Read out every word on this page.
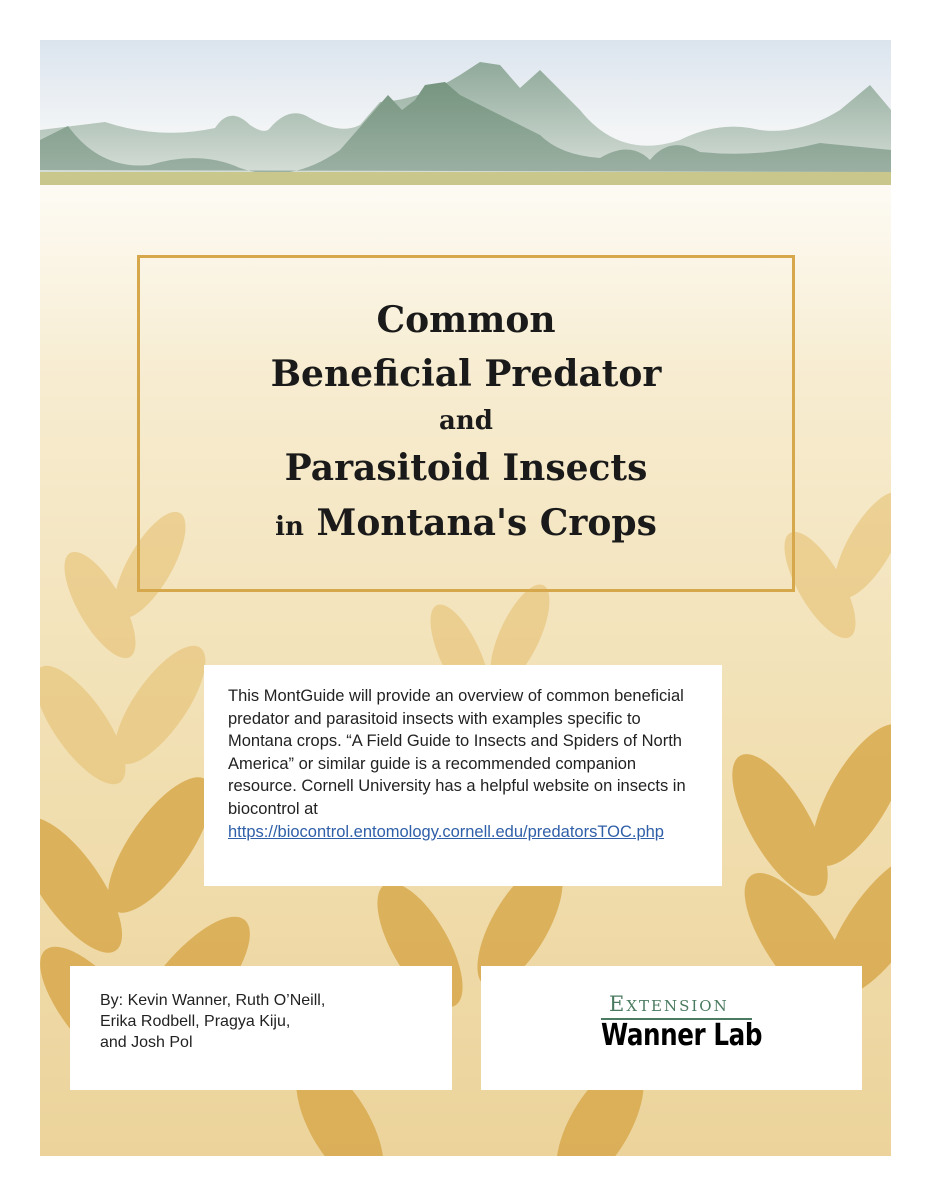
Common
Beneficial Predator
and
Parasitoid Insects
in Montana's Crops
This MontGuide will provide an overview of common beneficial predator and parasitoid insects with examples specific to Montana crops. “A Field Guide to Insects and Spiders of North America” or similar guide is a recommended companion resource. Cornell University has a helpful website on insects in biocontrol at https://biocontrol.entomology.cornell.edu/predatorsTOC.php
By: Kevin Wanner, Ruth O’Neill,
Erika Rodbell, Pragya Kiju,
and Josh Pol
Extension
Wanner Lab
